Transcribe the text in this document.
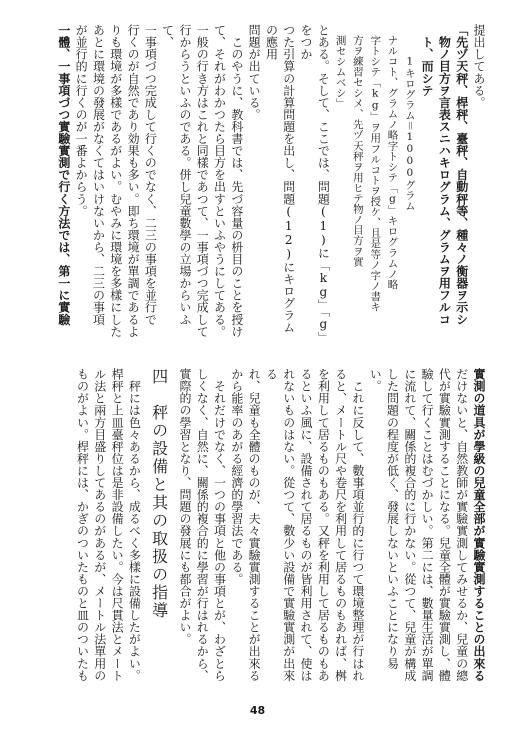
提出してある。

「先ヅ天秤、桿秤、臺秤、自動秤等、種々ノ衡器ヲ示シ

　物ノ目方ヲ言表スニハキログラム、グラムヲ用フルコ

　ト、而シテ

　　　1キログラム＝1000グラム

　ナルコト、グラムノ略字トシテ「g」キログラムノ略

　字トシテ「kg」ヲ用フルコトヲ授ケ、且是等ノ字ノ書キ

　方ヲ練習セシメ、先ヅ天秤ヲ用ヒテ物ノ目方ヲ實

　測セシムベシ」

とある。そして、ここでは、問題(1)に「kg」「g」をつか

つた引算の計算問題を出し、問題(12)にキログラムの應用

問題が出ている。

　このやうに、教科書では、先づ容量の枡目のことを授け

て、それがわかつたら目方を出すといふやうにしてある。

一般の行き方はこれと同樣であつて、一事項づつ完成して

行からうといふのである。併し兒童數學の立場からいふて、

一事項づつ完成して行くのでなく、二三の事項を並行で

行くのが自然であり効果も多い。即ち環境が單調であるよ

りも環境が多樣であるがよい。むやみに環境を多樣にした

あとに環境の發展がなくてはいけないから、二三の事項

が並行的に行くのが一番よからう。

一體、一事項づつ實驗實測で行く方法では、第一に實驗

實測の道具が學級の兒童全部が實驗實測することの出來る

だけないと、自然教師が實驗實測してみせるか、兒童の總

代が實驗實測することになる。兒童全體が實驗實測し、體

驗して行くことはむづかしい。第二には、數量生活が單調

に流れて、關係的複合的に行かない。從つて、兒童が構成

した問題の程度が低く、發展しないといふことになり易い。

　これに反して、數事項並行的に行つて環境整理が行はれ

ると、メートル尺や卷尺を利用して居るものもあれば、桝

を利用して居るものもある。又秤を利用して居るものもあ

るといふ風に、設備されて居るものが皆利用されて、使は

れないものはない。從つて、數少い設備で實驗實測が出來る

れ、兒童も全體のものが、夫々實驗實測することが出來る

から能率のあがる經濟的學習法である。

　それだけでなく、一つの事項と他の事項とが、わざとら

しくなく、自然に、關係的複合的に學習が行はれるから、

實際的の學習となり、問題の發展にも都合がよい。

四　秤の設備と其の取扱の指導

　秤には色々あるから、成るべく多樣に設備したがよい。

桿秤と上皿臺秤位は是非設備したい。今は尺貫法とメート

ル法と兩方目盛りしてあるのがあるが、メートル法單用の

ものがよい。桿秤には、かぎのついたものと皿のついたも

48
